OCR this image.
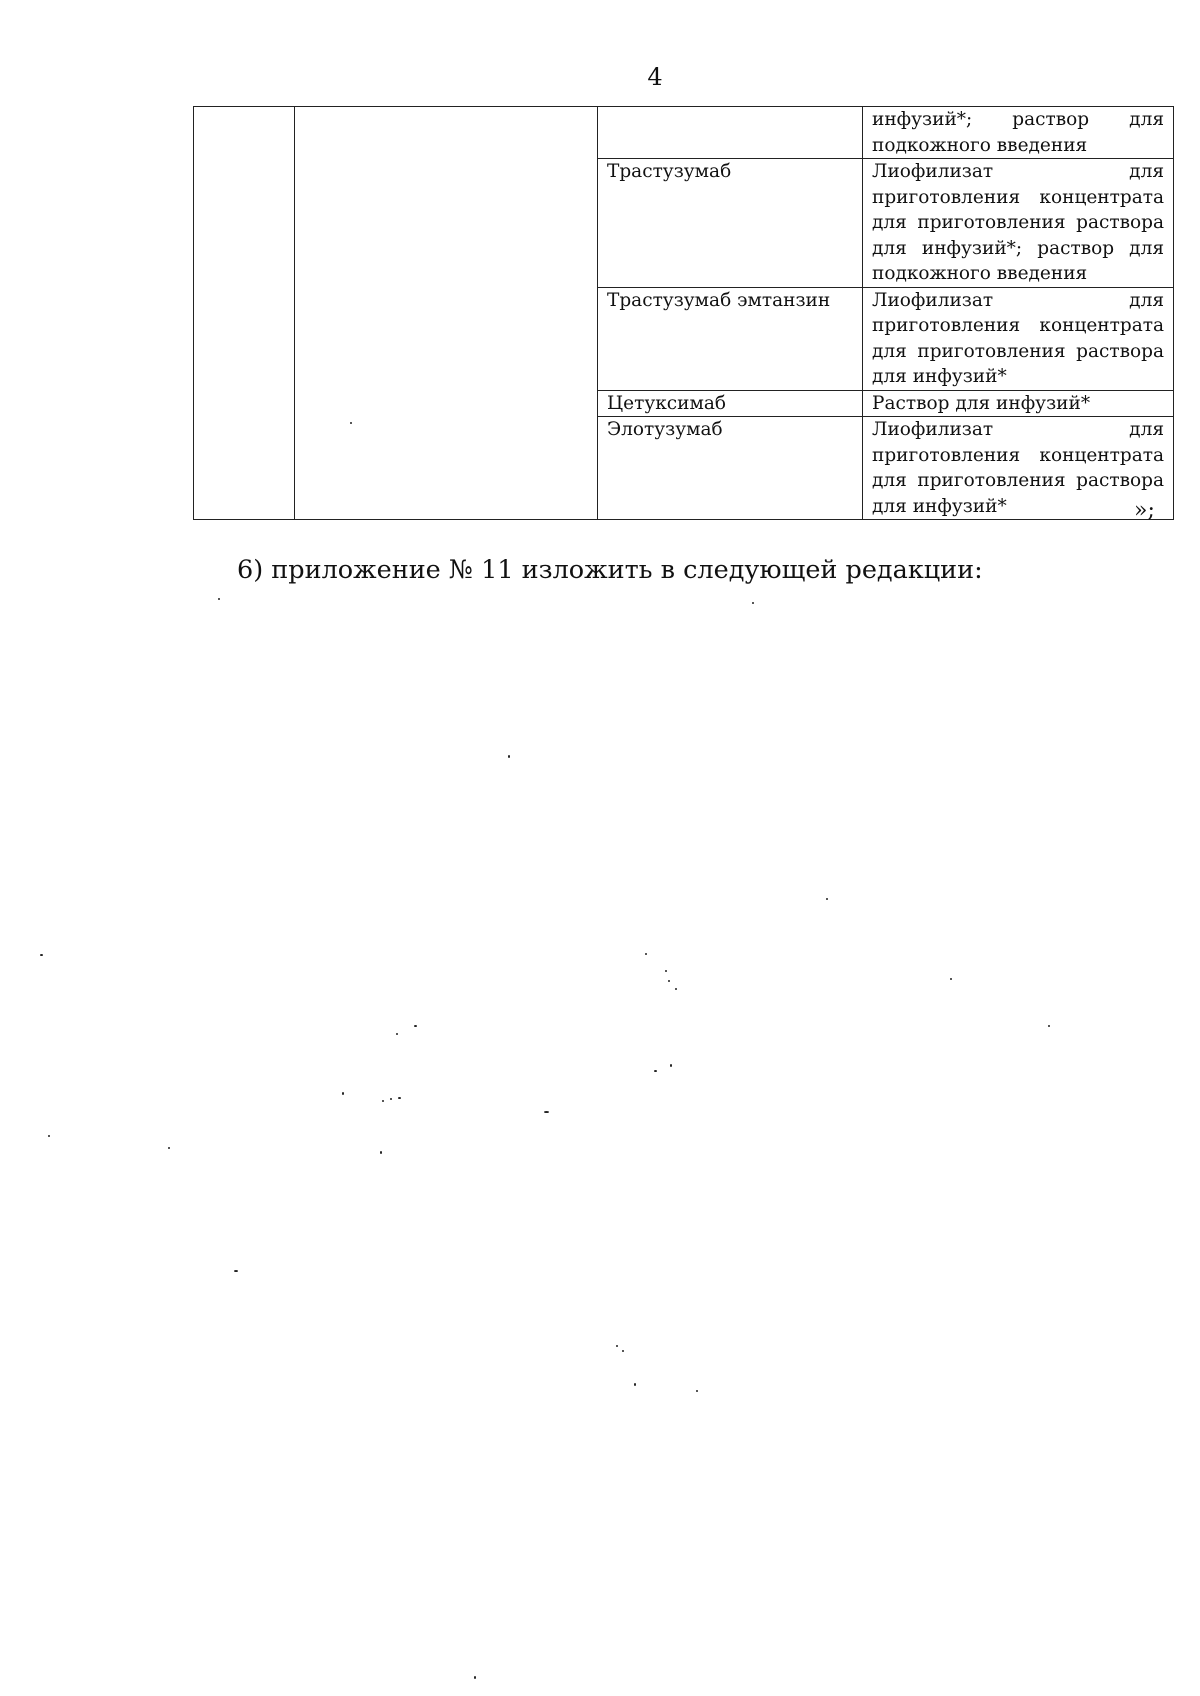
4
			инфузий*; раствор для подкожного введения
		Трастузумаб	Лиофилизат для приготовления концентрата для приготовления раствора для инфузий*; раствор для подкожного введения
		Трастузумаб эмтанзин	Лиофилизат для приготовления концентрата для приготовления раствора для инфузий*
		Цетуксимаб	Раствор для инфузий*
		Элотузумаб	Лиофилизат для приготовления концентрата для приготовления раствора для инфузий*	»;
6) приложение № 11 изложить в следующей редакции:
